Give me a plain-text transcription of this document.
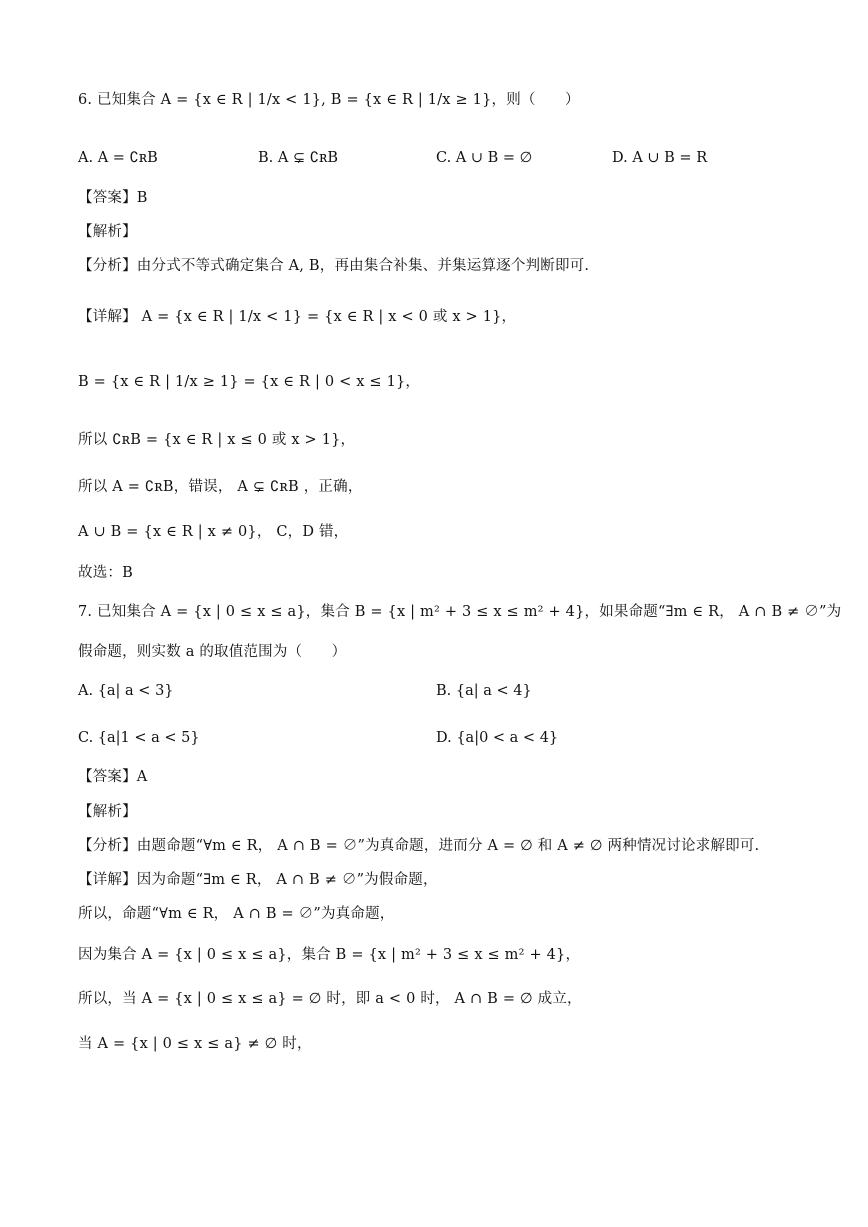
6. 已知集合 A = {x ∈ R | 1/x < 1}, B = {x ∈ R | 1/x ≥ 1}，则（　　）
A. A = ∁ʀB	B. A ⊊ ∁ʀB	C. A ∪ B = ∅	D. A ∪ B = R
【答案】B
【解析】
【分析】由分式不等式确定集合 A, B，再由集合补集、并集运算逐个判断即可.
【详解】 A = {x ∈ R | 1/x < 1} = {x ∈ R | x < 0 或 x > 1}，
B = {x ∈ R | 1/x ≥ 1} = {x ∈ R | 0 < x ≤ 1}，
所以 ∁ʀB = {x ∈ R | x ≤ 0 或 x > 1}，
所以 A = ∁ʀB，错误， A ⊊ ∁ʀB ，正确，
A ∪ B = {x ∈ R | x ≠ 0}， C，D 错，
故选：B
7. 已知集合 A = {x | 0 ≤ x ≤ a}，集合 B = {x | m² + 3 ≤ x ≤ m² + 4}，如果命题“∃m ∈ R， A ∩ B ≠ ∅”为
假命题，则实数 a 的取值范围为（　　）
A. {a| a < 3}	B. {a| a < 4}
C. {a|1 < a < 5}	D. {a|0 < a < 4}
【答案】A
【解析】
【分析】由题命题“∀m ∈ R， A ∩ B = ∅”为真命题，进而分 A = ∅ 和 A ≠ ∅ 两种情况讨论求解即可.
【详解】因为命题“∃m ∈ R， A ∩ B ≠ ∅”为假命题，
所以，命题“∀m ∈ R， A ∩ B = ∅”为真命题，
因为集合 A = {x | 0 ≤ x ≤ a}，集合 B = {x | m² + 3 ≤ x ≤ m² + 4}，
所以，当 A = {x | 0 ≤ x ≤ a} = ∅ 时，即 a < 0 时， A ∩ B = ∅ 成立，
当 A = {x | 0 ≤ x ≤ a} ≠ ∅ 时，
